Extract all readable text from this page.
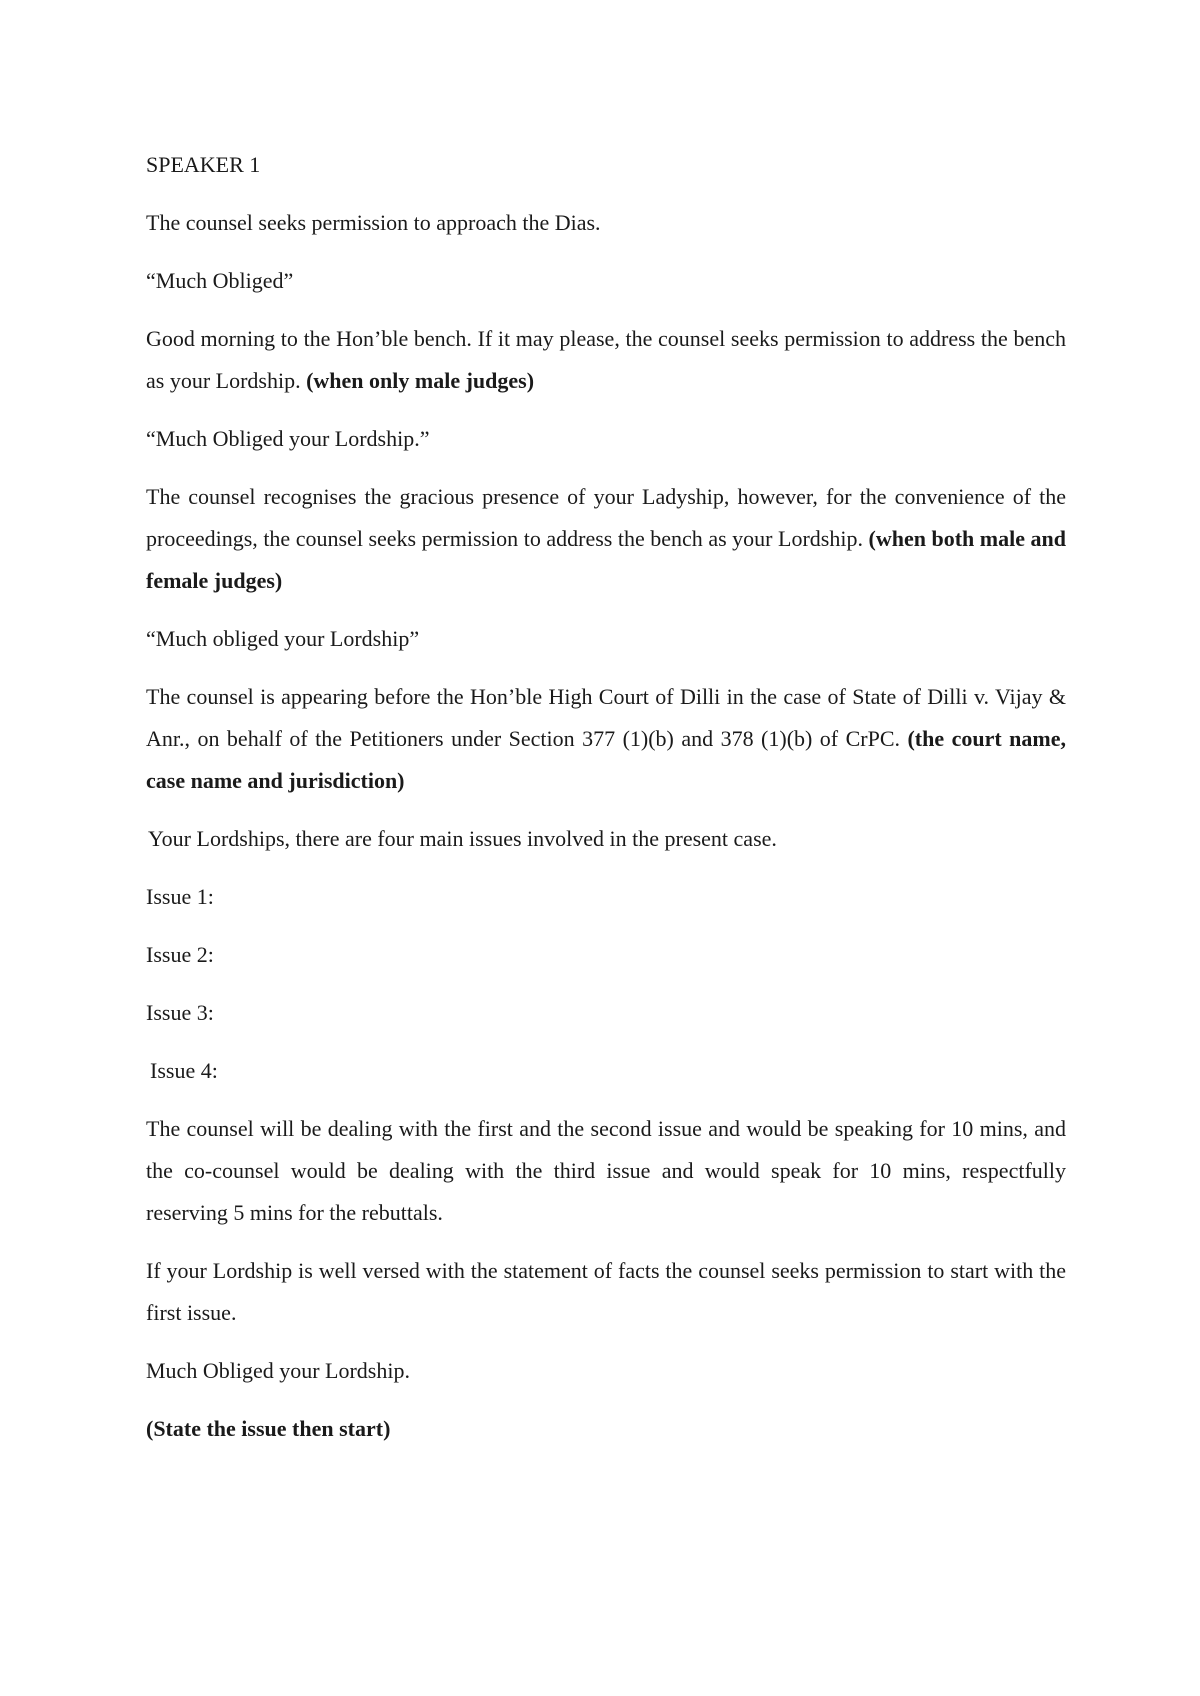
SPEAKER 1

The counsel seeks permission to approach the Dias.

“Much Obliged”

Good morning to the Hon’ble bench. If it may please, the counsel seeks permission to address the bench as your Lordship. (when only male judges)

“Much Obliged your Lordship.”

The counsel recognises the gracious presence of your Ladyship, however, for the convenience of the proceedings, the counsel seeks permission to address the bench as your Lordship. (when both male and female judges)

“Much obliged your Lordship”

The counsel is appearing before the Hon’ble High Court of Dilli in the case of State of Dilli v. Vijay & Anr., on behalf of the Petitioners under Section 377 (1)(b) and 378 (1)(b) of CrPC. (the court name, case name and jurisdiction)

Your Lordships, there are four main issues involved in the present case.

Issue 1:

Issue 2:

Issue 3:

Issue 4:

The counsel will be dealing with the first and the second issue and would be speaking for 10 mins, and the co-counsel would be dealing with the third issue and would speak for 10 mins, respectfully reserving 5 mins for the rebuttals.

If your Lordship is well versed with the statement of facts the counsel seeks permission to start with the first issue.

Much Obliged your Lordship.

(State the issue then start)
